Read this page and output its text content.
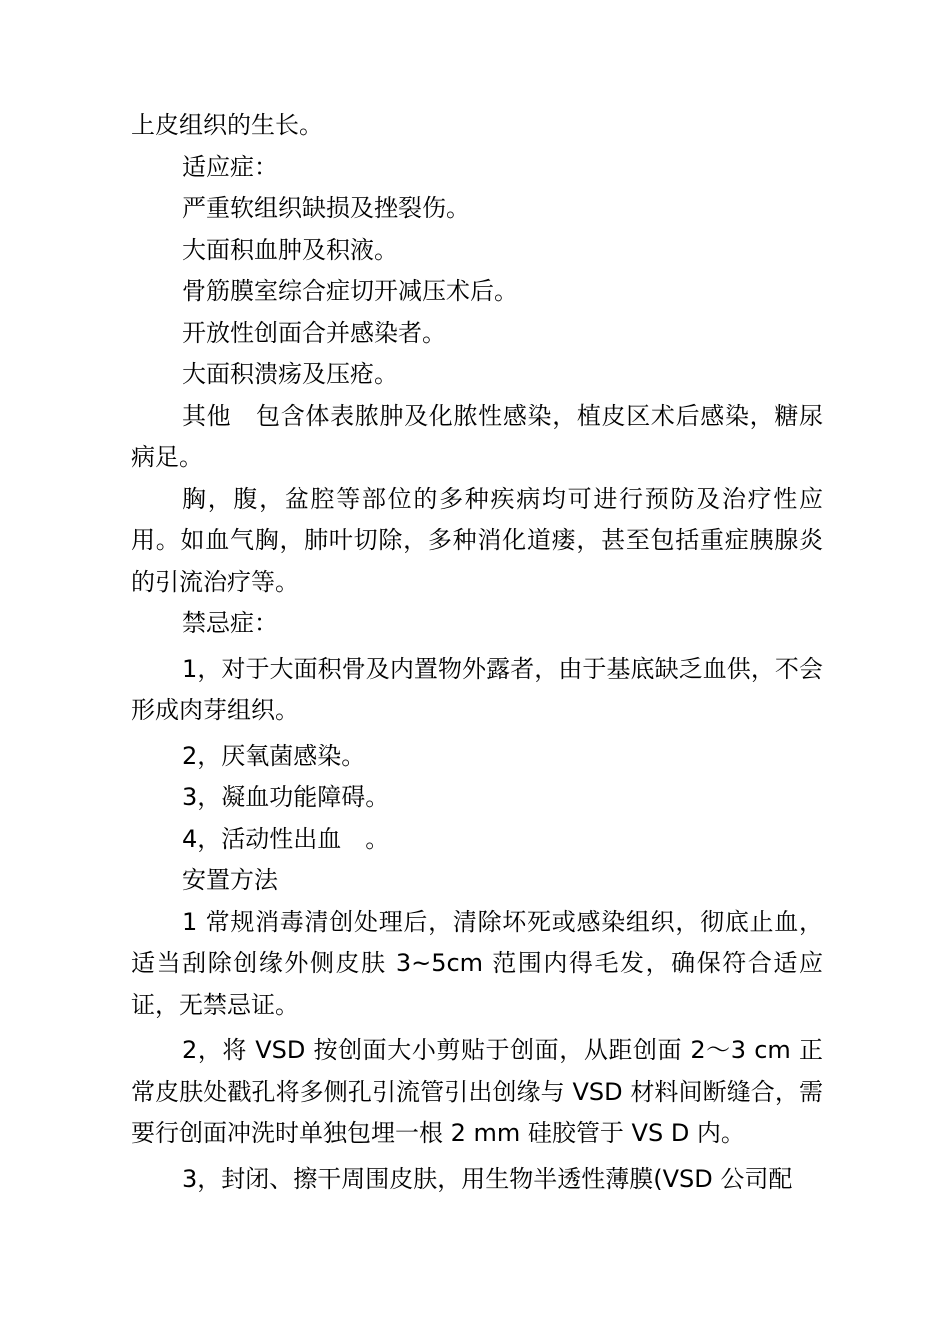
上皮组织的生长。

适应症：

严重软组织缺损及挫裂伤。

大面积血肿及积液。

骨筋膜室综合症切开减压术后。

开放性创面合并感染者。

大面积溃疡及压疮。

其他　包含体表脓肿及化脓性感染，植皮区术后感染，糖尿病足。

胸，腹，盆腔等部位的多种疾病均可进行预防及治疗性应用。如血气胸，肺叶切除，多种消化道瘘，甚至包括重症胰腺炎的引流治疗等。

禁忌症：

1，对于大面积骨及内置物外露者，由于基底缺乏血供，不会形成肉芽组织。

2，厌氧菌感染。

3，凝血功能障碍。

4，活动性出血　。

安置方法

1 常规消毒清创处理后，清除坏死或感染组织，彻底止血，适当刮除创缘外侧皮肤 3~5cm 范围内得毛发，确保符合适应证，无禁忌证。

2，将 VSD 按创面大小剪贴于创面，从距创面 2～3 cm 正常皮肤处戳孔将多侧孔引流管引出创缘与 VSD 材料间断缝合，需要行创面冲洗时单独包埋一根 2 mm 硅胶管于 VS D 内。

3，封闭、擦干周围皮肤，用生物半透性薄膜(VSD 公司配
